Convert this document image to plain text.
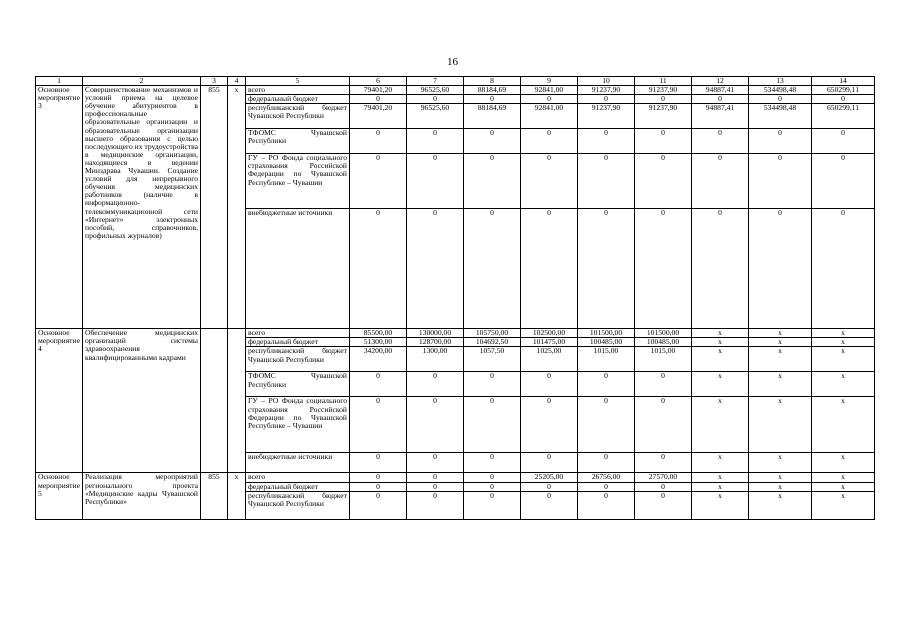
16
1	2	3	4	5	6	7	8	9	10	11	12	13	14
Основное мероприятие 3	Совершенствование механизмов и условий приема на целевое обучение абитуриентов в профессиональные образовательные организации и образовательные организации высшего образования с целью последующего их трудоустройства в медицинские организации, находящиеся в ведении Минздрава Чувашии. Создание условий для непрерывного обучения медицинских работников (наличие в информационно-телекоммуникационной сети «Интернет» электронных пособий, справочников, профильных журналов)	855	x	всего	79401,20	96525,60	88184,69	92841,00	91237,90	91237,90	94887,41	534498,48	650299,11
				федеральный бюджет	0	0	0	0	0	0	0	0	0
				республиканский бюджет Чувашской Республики	79401,20	96525,60	88184,69	92841,00	91237,90	91237,90	94887,41	534498,48	650299,11
				ТФОМС Чувашской Республики	0	0	0	0	0	0	0	0	0
				ГУ – РО Фонда социального страхования Российской Федерации по Чувашской Республике – Чувашии	0	0	0	0	0	0	0	0	0
				внебюджетные источники	0	0	0	0	0	0	0	0	0
Основное мероприятие 4	Обеспечение медицинских организаций системы здравоохранения квалифицированными кадрами			всего	85500,00	130000,00	105750,00	102500,00	101500,00	101500,00	x	x	x
				федеральный бюджет	51300,00	128700,00	104692,50	101475,00	100485,00	100485,00	x	x	x
				республиканский бюджет Чувашской Республики	34200,00	1300,00	1057,50	1025,00	1015,00	1015,00	x	x	x
				ТФОМС Чувашской Республики	0	0	0	0	0	0	x	x	x
				ГУ – РО Фонда социального страхования Российской Федерации по Чувашской Республике – Чувашии	0	0	0	0	0	0	x	x	x
				внебюджетные источники	0	0	0	0	0	0	x	x	x
Основное мероприятие 5	Реализация мероприятий регионального проекта «Медицинские кадры Чувашской Республики»	855	x	всего	0	0	0	25205,00	26756,00	27570,00	x	x	x
				федеральный бюджет	0	0	0	0	0	0	x	x	x
				республиканский бюджет Чувашской Республики	0	0	0	0	0	0	x	x	x
